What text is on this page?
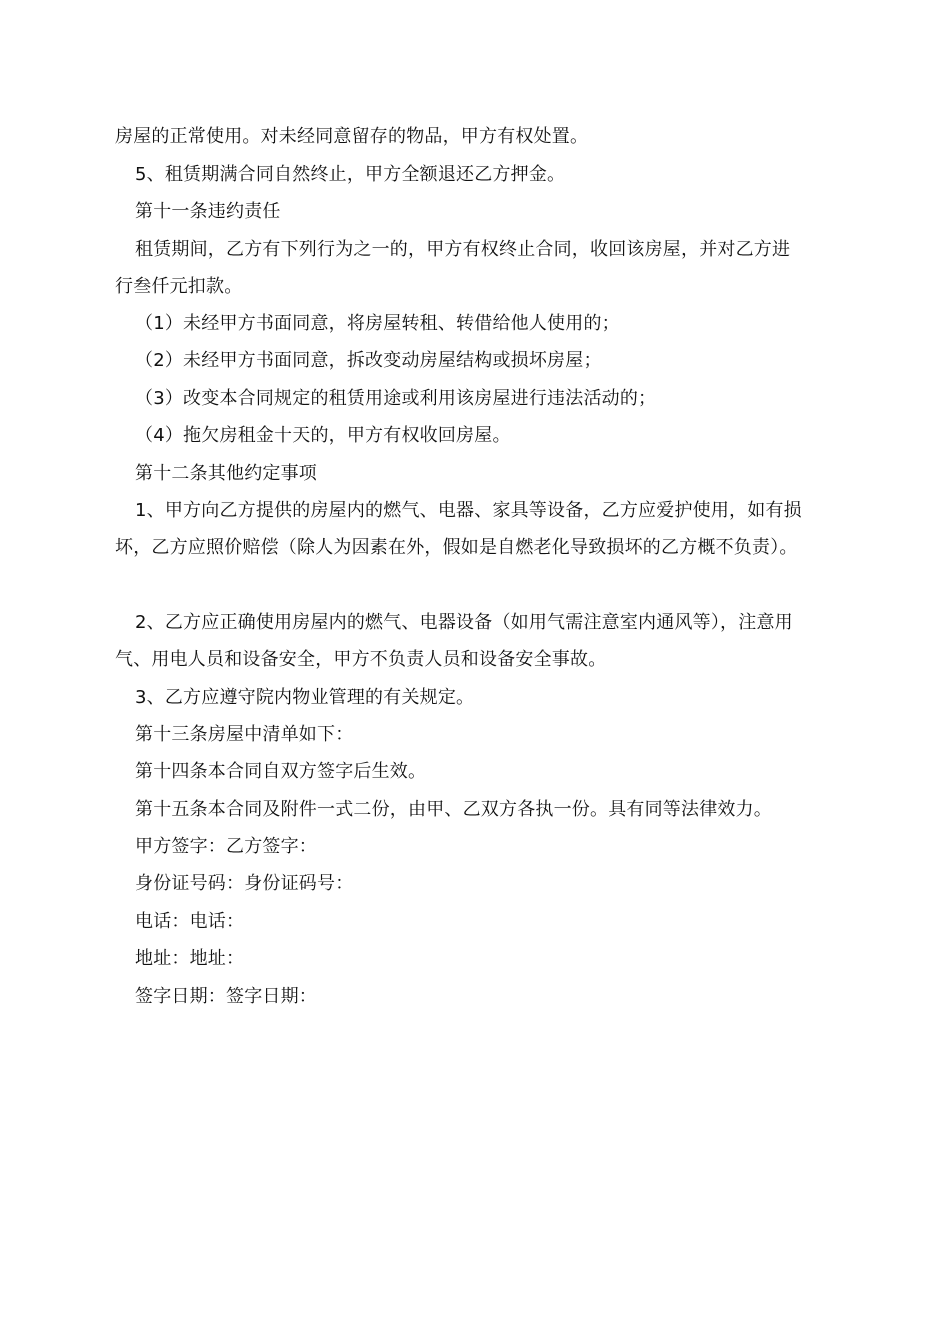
房屋的正常使用。对未经同意留存的物品，甲方有权处置。
5、租赁期满合同自然终止，甲方全额退还乙方押金。
第十一条违约责任
租赁期间，乙方有下列行为之一的，甲方有权终止合同，收回该房屋，并对乙方进
行叁仟元扣款。
（1）未经甲方书面同意，将房屋转租、转借给他人使用的；
（2）未经甲方书面同意，拆改变动房屋结构或损坏房屋；
（3）改变本合同规定的租赁用途或利用该房屋进行违法活动的；
（4）拖欠房租金十天的，甲方有权收回房屋。
第十二条其他约定事项
1、甲方向乙方提供的房屋内的燃气、电器、家具等设备，乙方应爱护使用，如有损
坏，乙方应照价赔偿（除人为因素在外，假如是自燃老化导致损坏的乙方概不负责）。
2、乙方应正确使用房屋内的燃气、电器设备（如用气需注意室内通风等），注意用
气、用电人员和设备安全，甲方不负责人员和设备安全事故。
3、乙方应遵守院内物业管理的有关规定。
第十三条房屋中清单如下：
第十四条本合同自双方签字后生效。
第十五条本合同及附件一式二份，由甲、乙双方各执一份。具有同等法律效力。
甲方签字：乙方签字：
身份证号码：身份证码号：
电话：电话：
地址：地址：
签字日期：签字日期：
